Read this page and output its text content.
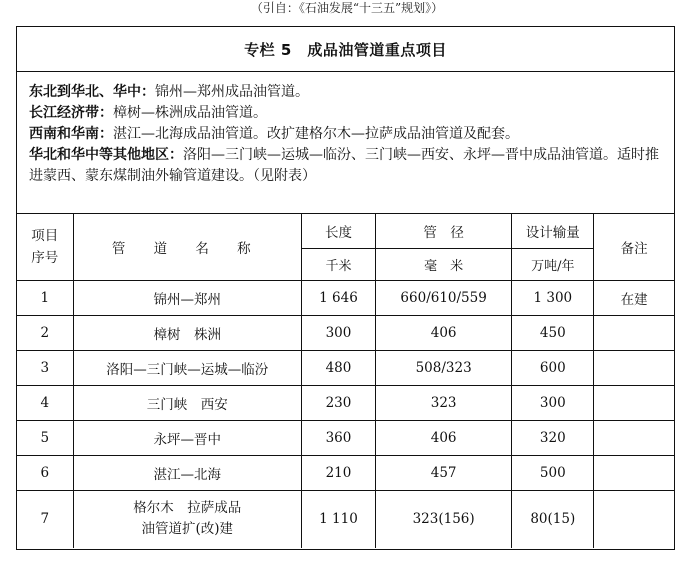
（引自：《石油发展“十三五”规划》）
专栏 5　成品油管道重点项目

东北到华北、华中：锦州—郑州成品油管道。

长江经济带：樟树—株洲成品油管道。

西南和华南：湛江—北海成品油管道。改扩建格尔木—拉萨成品油管道及配套。

华北和华中等其他地区：洛阳—三门峡—运城—临汾、三门峡—西安、永坪—晋中成品油管道。适时推进蒙西、蒙东煤制油外输管道建设。（见附表）

项目序号	管 道 名 称	长度	管　径	设计输量	备注
		千米	毫　米	万吨/年	
1	锦州—郑州	1 646	660/610/559	1 300	在建
2	樟树　株洲	300	406	450	
3	洛阳—三门峡—运城—临汾	480	508/323	600	
4	三门峡　西安	230	323	300	
5	永坪—晋中	360	406	320	
6	湛江—北海	210	457	500	
7	格尔木　拉萨成品
油管道扩(改)建	1 110	323(156)	80(15)	
